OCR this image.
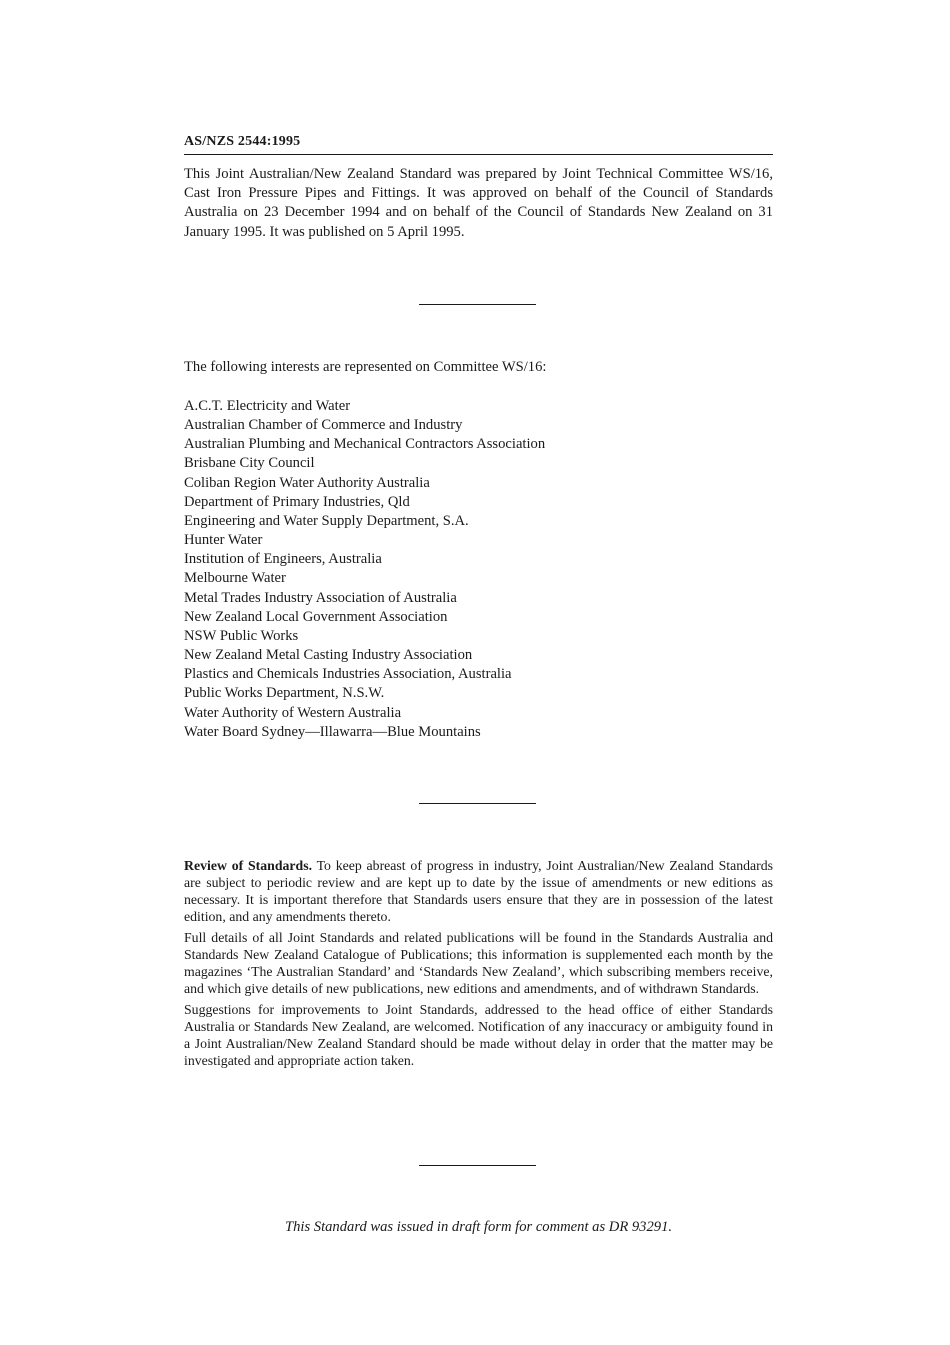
AS/NZS 2544:1995

This Joint Australian/New Zealand Standard was prepared by Joint Technical Committee WS/16, Cast Iron Pressure Pipes and Fittings. It was approved on behalf of the Council of Standards Australia on 23 December 1994 and on behalf of the Council of Standards New Zealand on 31 January 1995. It was published on 5 April 1995.

The following interests are represented on Committee WS/16:

A.C.T. Electricity and Water
Australian Chamber of Commerce and Industry
Australian Plumbing and Mechanical Contractors Association
Brisbane City Council
Coliban Region Water Authority Australia
Department of Primary Industries, Qld
Engineering and Water Supply Department, S.A.
Hunter Water
Institution of Engineers, Australia
Melbourne Water
Metal Trades Industry Association of Australia
New Zealand Local Government Association
NSW Public Works
New Zealand Metal Casting Industry Association
Plastics and Chemicals Industries Association, Australia
Public Works Department, N.S.W.
Water Authority of Western Australia
Water Board Sydney—Illawarra—Blue Mountains

Review of Standards. To keep abreast of progress in industry, Joint Australian/New Zealand Standards are subject to periodic review and are kept up to date by the issue of amendments or new editions as necessary. It is important therefore that Standards users ensure that they are in possession of the latest edition, and any amendments thereto.

Full details of all Joint Standards and related publications will be found in the Standards Australia and Standards New Zealand Catalogue of Publications; this information is supplemented each month by the magazines ‘The Australian Standard’ and ‘Standards New Zealand’, which subscribing members receive, and which give details of new publications, new editions and amendments, and of withdrawn Standards.

Suggestions for improvements to Joint Standards, addressed to the head office of either Standards Australia or Standards New Zealand, are welcomed. Notification of any inaccuracy or ambiguity found in a Joint Australian/New Zealand Standard should be made without delay in order that the matter may be investigated and appropriate action taken.

This Standard was issued in draft form for comment as DR 93291.
